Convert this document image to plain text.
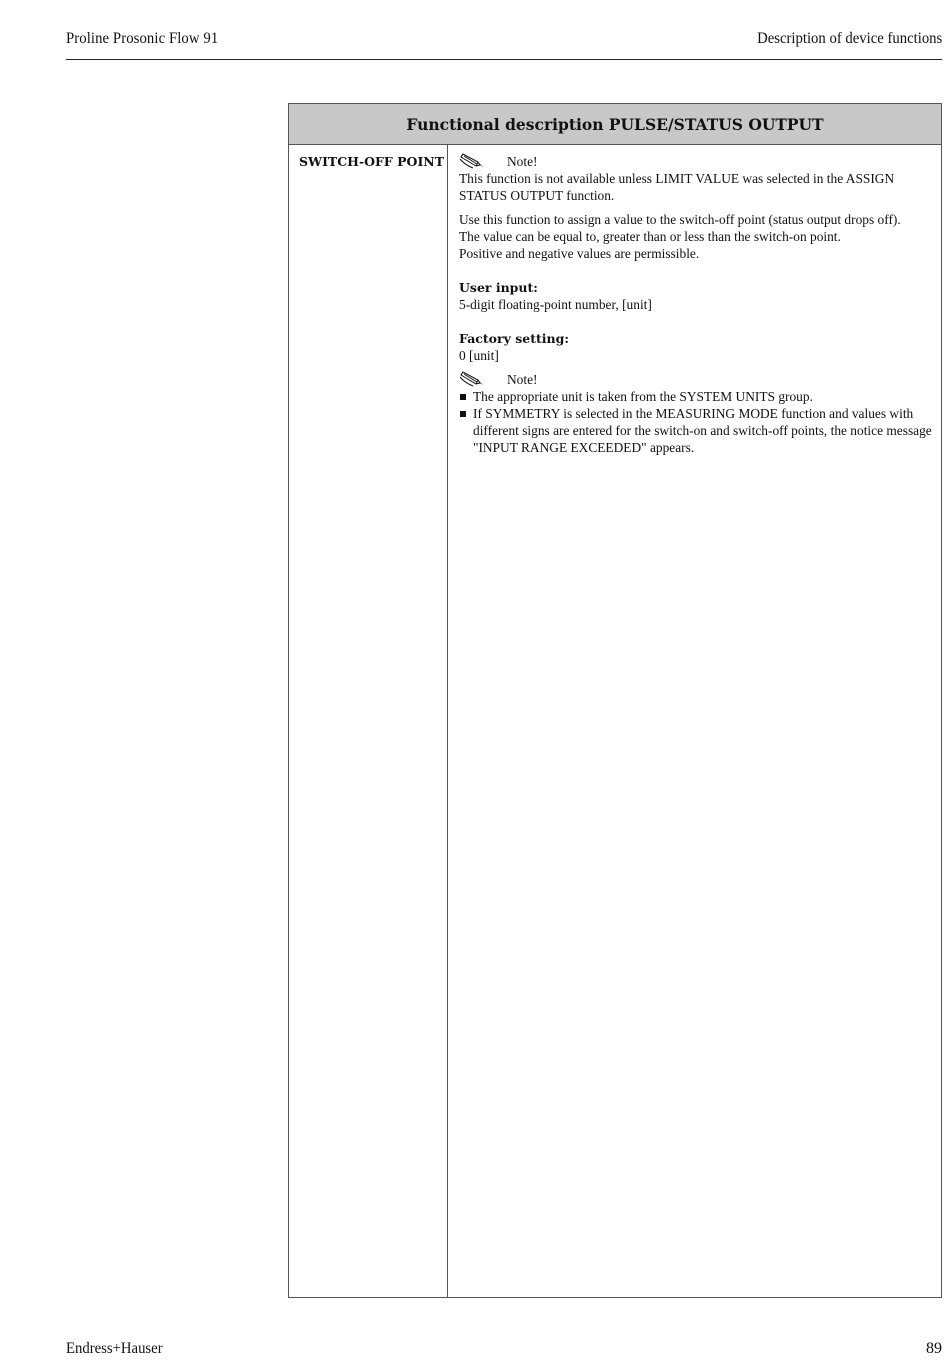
Proline Prosonic Flow 91	Description of device functions
Functional description PULSE/STATUS OUTPUT
SWITCH-OFF POINT	Note!

This function is not available unless LIMIT VALUE was selected in the ASSIGN STATUS OUTPUT function.

Use this function to assign a value to the switch-off point (status output drops off).
The value can be equal to, greater than or less than the switch-on point.
Positive and negative values are permissible.
User input:
5-digit floating-point number, [unit]
Factory setting:
0 [unit]
Note!
The appropriate unit is taken from the SYSTEM UNITS group.
If SYMMETRY is selected in the MEASURING MODE function and values with different signs are entered for the switch-on and switch-off points, the notice message "INPUT RANGE EXCEEDED" appears.
Endress+Hauser	89
